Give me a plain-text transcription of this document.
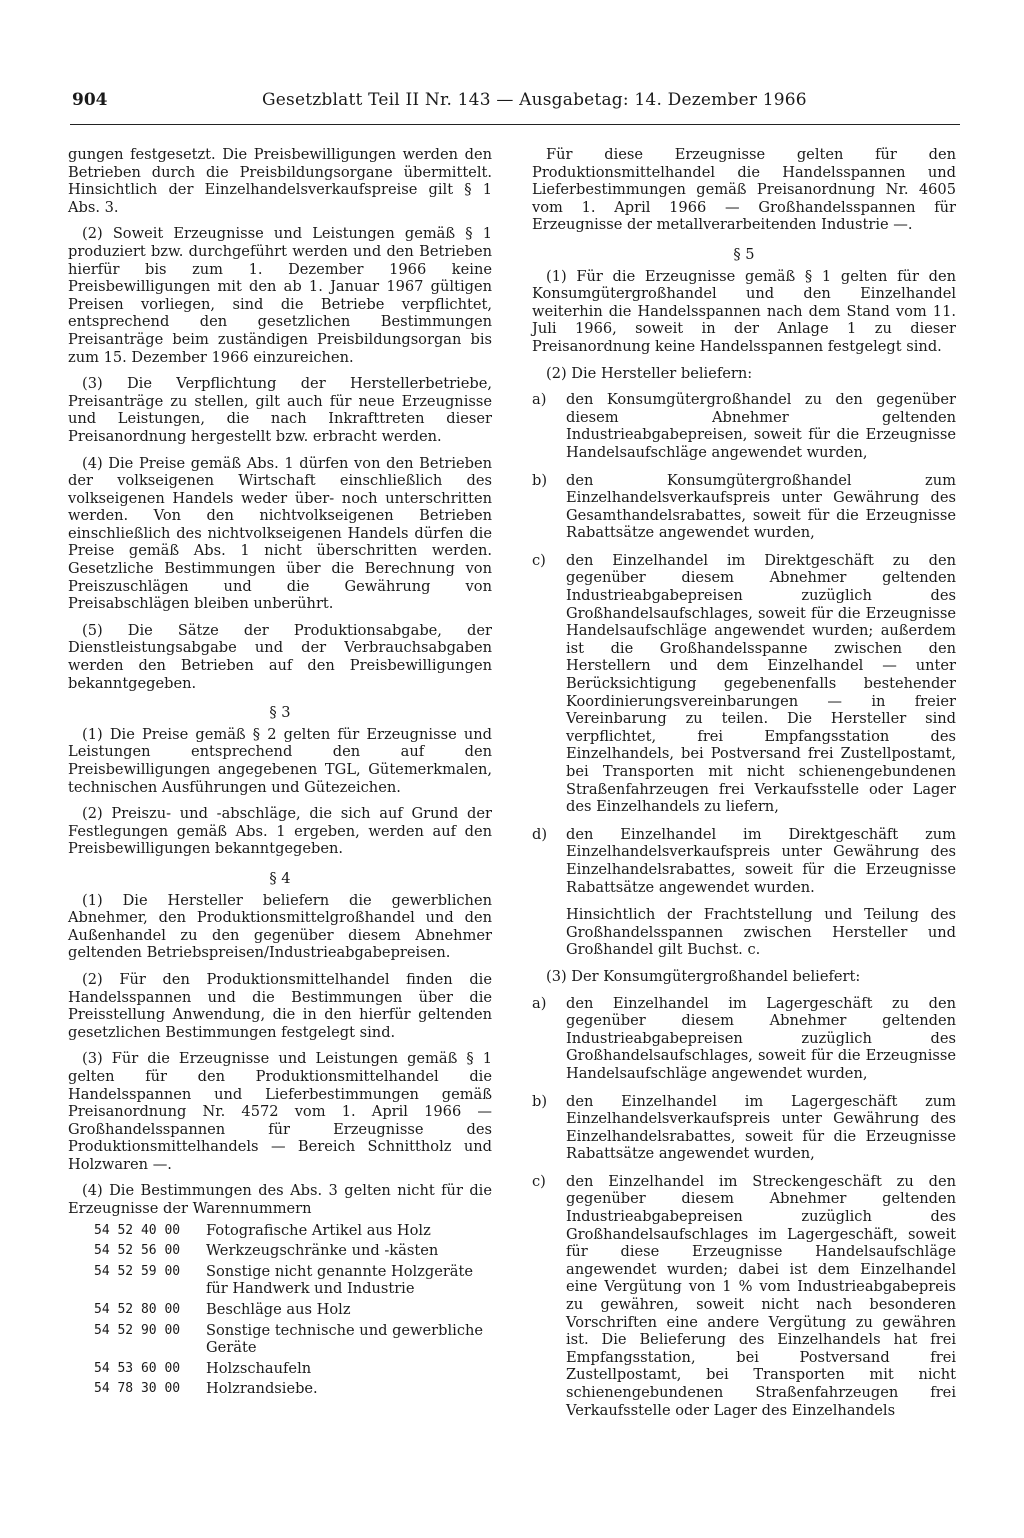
904	Gesetzblatt Teil II Nr. 143 — Ausgabetag: 14. Dezember 1966

gungen festgesetzt. Die Preisbewilligungen werden den Betrieben durch die Preisbildungsorgane übermittelt. Hinsichtlich der Einzelhandelsverkaufspreise gilt § 1 Abs. 3.

(2) Soweit Erzeugnisse und Leistungen gemäß § 1 produziert bzw. durchgeführt werden und den Betrieben hierfür bis zum 1. Dezember 1966 keine Preisbewilligungen mit den ab 1. Januar 1967 gültigen Preisen vorliegen, sind die Betriebe verpflichtet, entsprechend den gesetzlichen Bestimmungen Preisanträge beim zuständigen Preisbildungsorgan bis zum 15. Dezember 1966 einzureichen.

(3) Die Verpflichtung der Herstellerbetriebe, Preisanträge zu stellen, gilt auch für neue Erzeugnisse und Leistungen, die nach Inkrafttreten dieser Preisanordnung hergestellt bzw. erbracht werden.

(4) Die Preise gemäß Abs. 1 dürfen von den Betrieben der volkseigenen Wirtschaft einschließlich des volkseigenen Handels weder über- noch unterschritten werden. Von den nichtvolkseigenen Betrieben einschließlich des nichtvolkseigenen Handels dürfen die Preise gemäß Abs. 1 nicht überschritten werden. Gesetzliche Bestimmungen über die Berechnung von Preiszuschlägen und die Gewährung von Preisabschlägen bleiben unberührt.

(5) Die Sätze der Produktionsabgabe, der Dienstleistungsabgabe und der Verbrauchsabgaben werden den Betrieben auf den Preisbewilligungen bekanntgegeben.

§ 3

(1) Die Preise gemäß § 2 gelten für Erzeugnisse und Leistungen entsprechend den auf den Preisbewilligungen angegebenen TGL, Gütemerkmalen, technischen Ausführungen und Gütezeichen.

(2) Preiszu- und -abschläge, die sich auf Grund der Festlegungen gemäß Abs. 1 ergeben, werden auf den Preisbewilligungen bekanntgegeben.

§ 4

(1) Die Hersteller beliefern die gewerblichen Abnehmer, den Produktionsmittelgroßhandel und den Außenhandel zu den gegenüber diesem Abnehmer geltenden Betriebspreisen/Industrieabgabepreisen.

(2) Für den Produktionsmittelhandel finden die Handelsspannen und die Bestimmungen über die Preisstellung Anwendung, die in den hierfür geltenden gesetzlichen Bestimmungen festgelegt sind.

(3) Für die Erzeugnisse und Leistungen gemäß § 1 gelten für den Produktionsmittelhandel die Handelsspannen und Lieferbestimmungen gemäß Preisanordnung Nr. 4572 vom 1. April 1966 — Großhandelsspannen für Erzeugnisse des Produktionsmittelhandels — Bereich Schnittholz und Holzwaren —.

(4) Die Bestimmungen des Abs. 3 gelten nicht für die Erzeugnisse der Warennummern

54 52 40 00	Fotografische Artikel aus Holz
54 52 56 00	Werkzeugschränke und -kästen
54 52 59 00	Sonstige nicht genannte Holzgeräte für Handwerk und Industrie
54 52 80 00	Beschläge aus Holz
54 52 90 00	Sonstige technische und gewerbliche Geräte
54 53 60 00	Holzschaufeln
54 78 30 00	Holzrandsiebe.

Für diese Erzeugnisse gelten für den Produktionsmittelhandel die Handelsspannen und Lieferbestimmungen gemäß Preisanordnung Nr. 4605 vom 1. April 1966 — Großhandelsspannen für Erzeugnisse der metallverarbeitenden Industrie —.

§ 5

(1) Für die Erzeugnisse gemäß § 1 gelten für den Konsumgütergroßhandel und den Einzelhandel weiterhin die Handelsspannen nach dem Stand vom 11. Juli 1966, soweit in der Anlage 1 zu dieser Preisanordnung keine Handelsspannen festgelegt sind.

(2) Die Hersteller beliefern:

a) den Konsumgütergroßhandel zu den gegenüber diesem Abnehmer geltenden Industrieabgabepreisen, soweit für die Erzeugnisse Handelsaufschläge angewendet wurden,
b) den Konsumgütergroßhandel zum Einzelhandelsverkaufspreis unter Gewährung des Gesamthandelsrabattes, soweit für die Erzeugnisse Rabattsätze angewendet wurden,
c) den Einzelhandel im Direktgeschäft zu den gegenüber diesem Abnehmer geltenden Industrieabgabepreisen zuzüglich des Großhandelsaufschlages, soweit für die Erzeugnisse Handelsaufschläge angewendet wurden; außerdem ist die Großhandelsspanne zwischen den Herstellern und dem Einzelhandel — unter Berücksichtigung gegebenenfalls bestehender Koordinierungsvereinbarungen — in freier Vereinbarung zu teilen. Die Hersteller sind verpflichtet, frei Empfangsstation des Einzelhandels, bei Postversand frei Zustellpostamt, bei Transporten mit nicht schienengebundenen Straßenfahrzeugen frei Verkaufsstelle oder Lager des Einzelhandels zu liefern,
d) den Einzelhandel im Direktgeschäft zum Einzelhandelsverkaufspreis unter Gewährung des Einzelhandelsrabattes, soweit für die Erzeugnisse Rabattsätze angewendet wurden.

Hinsichtlich der Frachtstellung und Teilung des Großhandelsspannen zwischen Hersteller und Großhandel gilt Buchst. c.

(3) Der Konsumgütergroßhandel beliefert:

a) den Einzelhandel im Lagergeschäft zu den gegenüber diesem Abnehmer geltenden Industrieabgabepreisen zuzüglich des Großhandelsaufschlages, soweit für die Erzeugnisse Handelsaufschläge angewendet wurden,
b) den Einzelhandel im Lagergeschäft zum Einzelhandelsverkaufspreis unter Gewährung des Einzelhandelsrabattes, soweit für die Erzeugnisse Rabattsätze angewendet wurden,
c) den Einzelhandel im Streckengeschäft zu den gegenüber diesem Abnehmer geltenden Industrieabgabepreisen zuzüglich des Großhandelsaufschlages im Lagergeschäft, soweit für diese Erzeugnisse Handelsaufschläge angewendet wurden; dabei ist dem Einzelhandel eine Vergütung von 1 % vom Industrieabgabepreis zu gewähren, soweit nicht nach besonderen Vorschriften eine andere Vergütung zu gewähren ist. Die Belieferung des Einzelhandels hat frei Empfangsstation, bei Postversand frei Zustellpostamt, bei Transporten mit nicht schienengebundenen Straßenfahrzeugen frei Verkaufsstelle oder Lager des Einzelhandels
